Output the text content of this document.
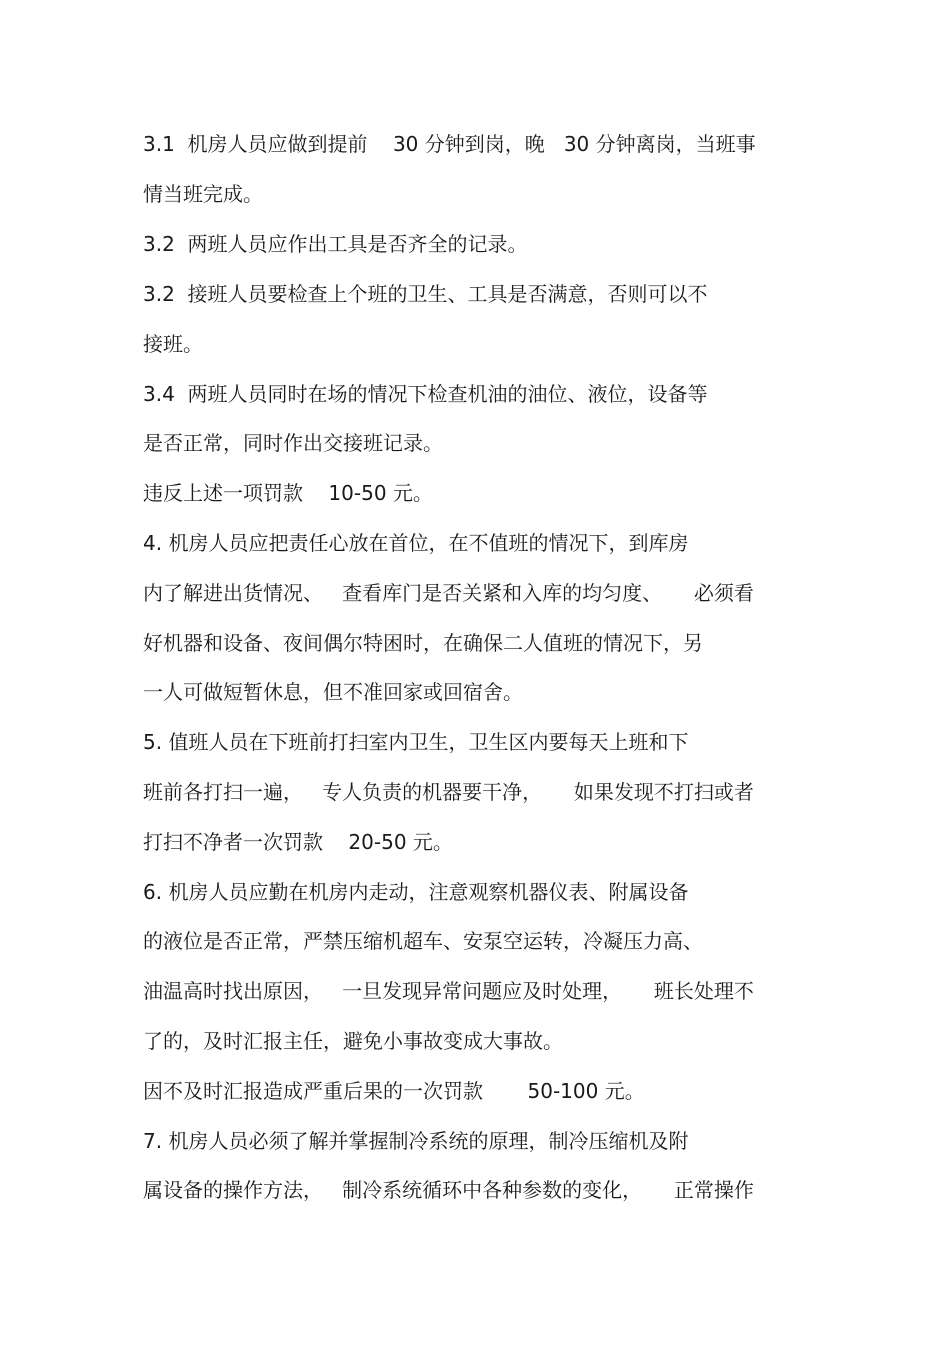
3.1  机房人员应做到提前    30 分钟到岗，晚   30 分钟离岗，当班事

情当班完成。

3.2  两班人员应作出工具是否齐全的记录。

3.2  接班人员要检查上个班的卫生、工具是否满意，否则可以不

接班。

3.4  两班人员同时在场的情况下检查机油的油位、液位，设备等

是否正常，同时作出交接班记录。

违反上述一项罚款    10-50 元。

4. 机房人员应把责任心放在首位，在不值班的情况下，到库房

内了解进出货情况、   查看库门是否关紧和入库的均匀度、     必须看

好机器和设备、夜间偶尔特困时，在确保二人值班的情况下，另

一人可做短暂休息，但不准回家或回宿舍。

5. 值班人员在下班前打扫室内卫生，卫生区内要每天上班和下

班前各打扫一遍，   专人负责的机器要干净，     如果发现不打扫或者

打扫不净者一次罚款    20-50 元。

6. 机房人员应勤在机房内走动，注意观察机器仪表、附属设备

的液位是否正常，严禁压缩机超车、安泵空运转，冷凝压力高、

油温高时找出原因，   一旦发现异常问题应及时处理，     班长处理不

了的，及时汇报主任，避免小事故变成大事故。

因不及时汇报造成严重后果的一次罚款       50-100 元。

7. 机房人员必须了解并掌握制冷系统的原理，制冷压缩机及附

属设备的操作方法，   制冷系统循环中各种参数的变化，     正常操作
